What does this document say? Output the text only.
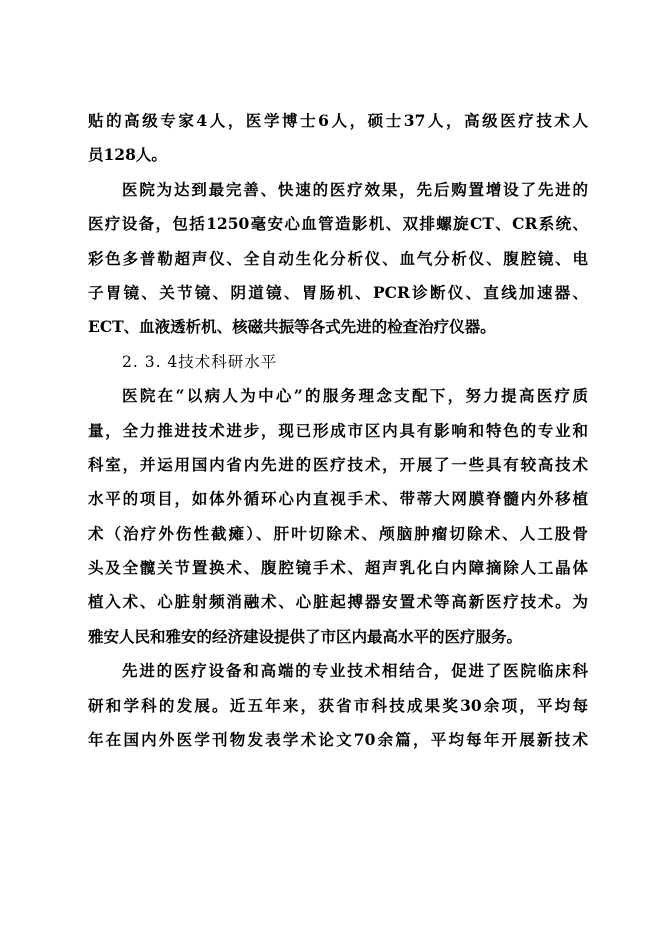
贴的高级专家4人，医学博士6人，硕士37人，高级医疗技术人
员128人。
医院为达到最完善、快速的医疗效果，先后购置增设了先进的
医疗设备，包括1250毫安心血管造影机、双排螺旋CT、CR系统、
彩色多普勒超声仪、全自动生化分析仪、血气分析仪、腹腔镜、电
子胃镜、关节镜、阴道镜、胃肠机、PCR诊断仪、直线加速器、
ECT、血液透析机、核磁共振等各式先进的检查治疗仪器。
2. 3. 4技术科研水平
医院在“以病人为中心”的服务理念支配下，努力提高医疗质
量，全力推进技术进步，现已形成市区内具有影响和特色的专业和
科室，并运用国内省内先进的医疗技术，开展了一些具有较高技术
水平的项目，如体外循环心内直视手术、带蒂大网膜脊髓内外移植
术（治疗外伤性截瘫）、肝叶切除术、颅脑肿瘤切除术、人工股骨
头及全髋关节置换术、腹腔镜手术、超声乳化白内障摘除人工晶体
植入术、心脏射频消融术、心脏起搏器安置术等高新医疗技术。为
雅安人民和雅安的经济建设提供了市区内最高水平的医疗服务。
先进的医疗设备和高端的专业技术相结合，促进了医院临床科
研和学科的发展。近五年来，获省市科技成果奖30余项，平均每
年在国内外医学刊物发表学术论文70余篇，平均每年开展新技术
